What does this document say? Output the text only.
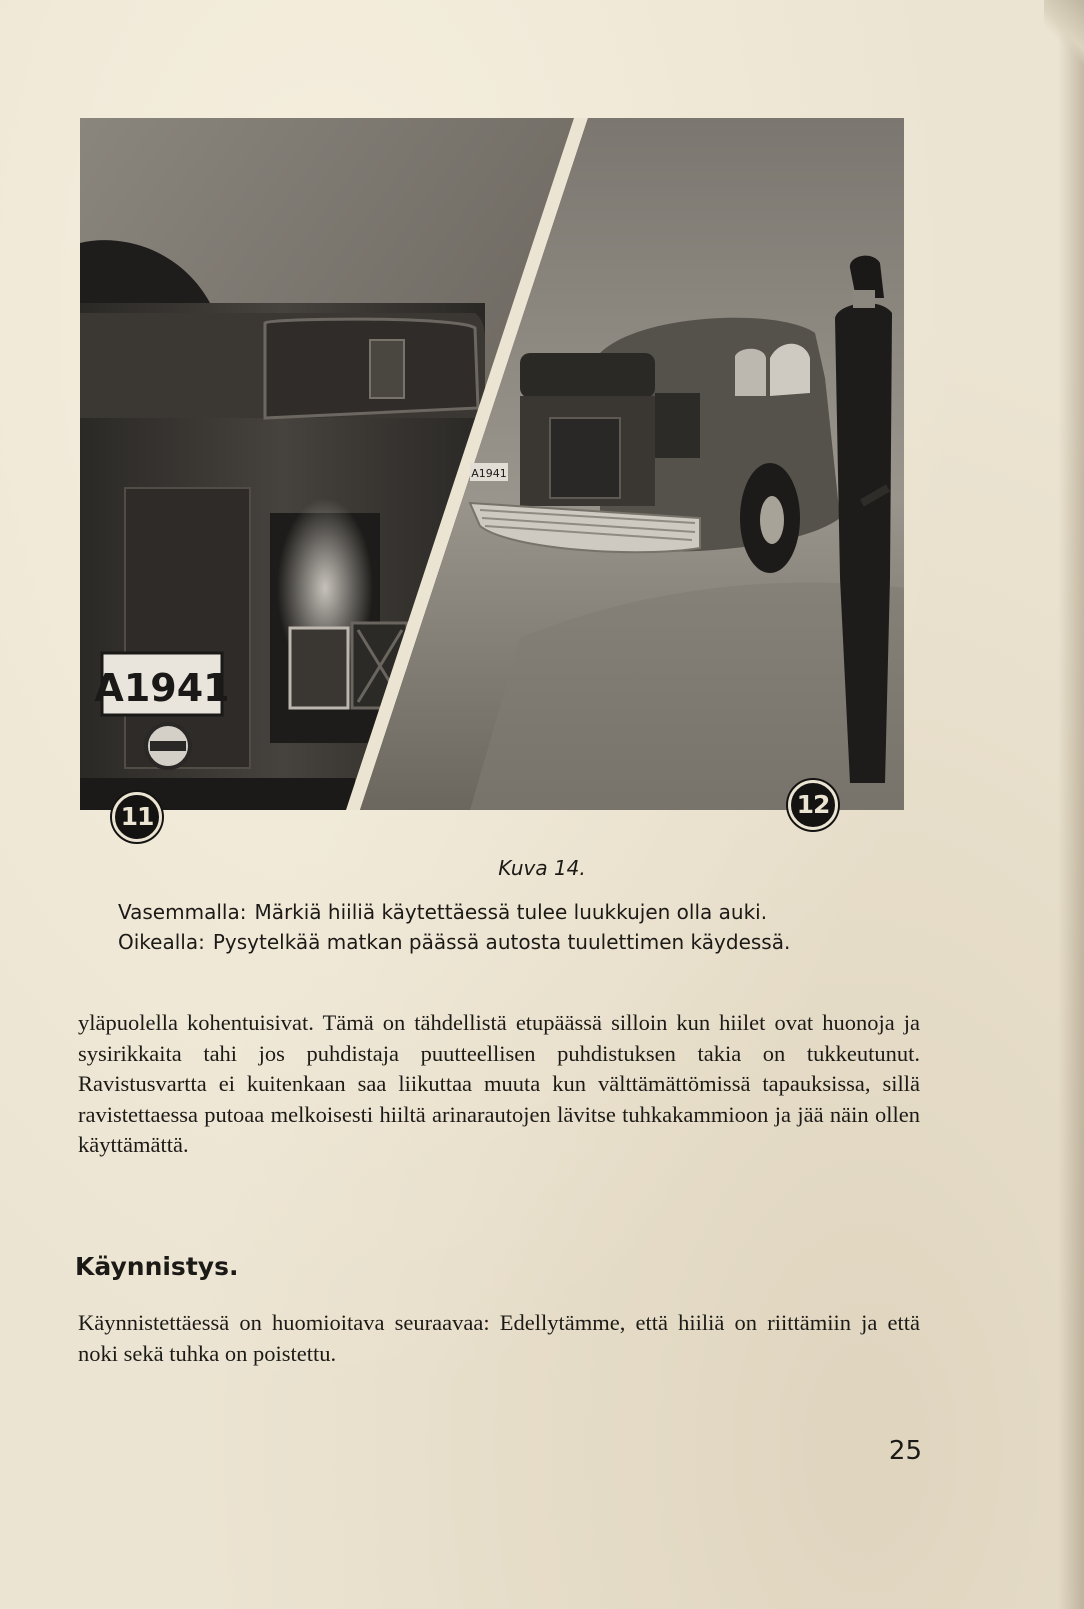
A1941
A1941
11	12
Kuva 14.
Vasemmalla: Märkiä hiiliä käytettäessä tulee luukkujen olla auki.
Oikealla: Pysytelkää matkan päässä autosta tuulettimen käydessä.

yläpuolella kohentuisivat. Tämä on tähdellistä etupäässä silloin kun hiilet ovat huonoja ja sysirikkaita tahi jos puhdistaja puutteellisen puhdistuksen takia on tukkeutunut. Ravistusvartta ei kuitenkaan saa liikuttaa muuta kun välttämättömissä tapauksissa, sillä ravistettaessa putoaa melkoisesti hiiltä arinarautojen lävitse tuhkakammioon ja jää näin ollen käyttämättä.

Käynnistys.

Käynnistettäessä on huomioitava seuraavaa: Edellytämme, että hiiliä on riittämiin ja että noki sekä tuhka on poistettu.

25
